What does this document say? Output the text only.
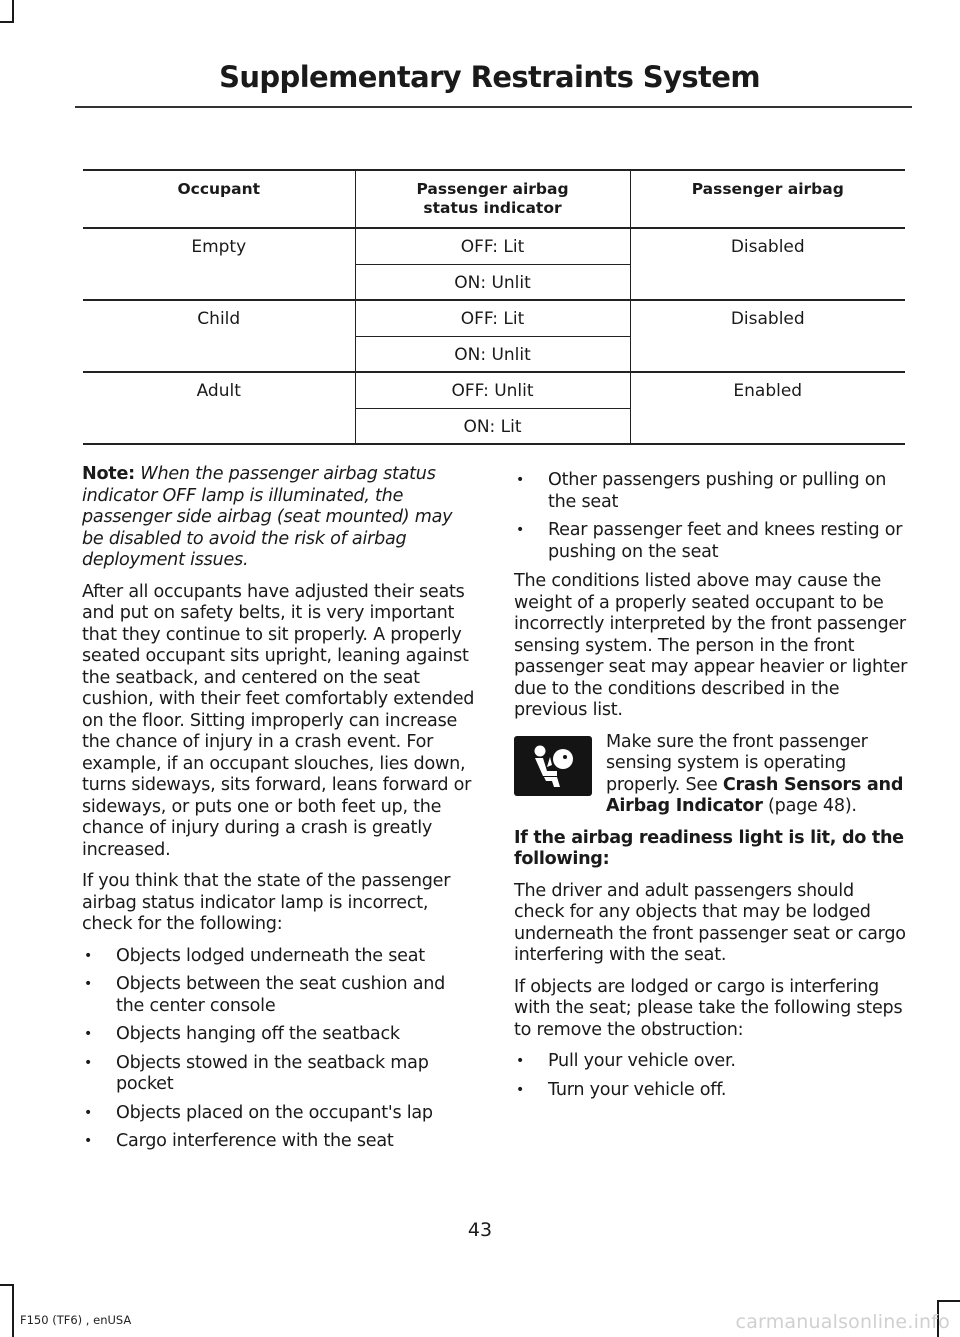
Supplementary Restraints System
Occupant	Passenger airbag status indicator	Passenger airbag
Empty	OFF: Lit	Disabled
	ON: Unlit	
Child	OFF: Lit	Disabled
	ON: Unlit	
Adult	OFF: Unlit	Enabled
	ON: Lit	

Note: When the passenger airbag status indicator OFF lamp is illuminated, the passenger side airbag (seat mounted) may be disabled to avoid the risk of airbag deployment issues.

After all occupants have adjusted their seats and put on safety belts, it is very important that they continue to sit properly. A properly seated occupant sits upright, leaning against the seatback, and centered on the seat cushion, with their feet comfortably extended on the floor. Sitting improperly can increase the chance of injury in a crash event. For example, if an occupant slouches, lies down, turns sideways, sits forward, leans forward or sideways, or puts one or both feet up, the chance of injury during a crash is greatly increased.

If you think that the state of the passenger airbag status indicator lamp is incorrect, check for the following:

• Objects lodged underneath the seat
• Objects between the seat cushion and the center console
• Objects hanging off the seatback
• Objects stowed in the seatback map pocket
• Objects placed on the occupant's lap
• Cargo interference with the seat
• Other passengers pushing or pulling on the seat
• Rear passenger feet and knees resting or pushing on the seat

The conditions listed above may cause the weight of a properly seated occupant to be incorrectly interpreted by the front passenger sensing system. The person in the front passenger seat may appear heavier or lighter due to the conditions described in the previous list.

Make sure the front passenger sensing system is operating properly. See Crash Sensors and Airbag Indicator (page 48).
If the airbag readiness light is lit, do the following:

The driver and adult passengers should check for any objects that may be lodged underneath the front passenger seat or cargo interfering with the seat.

If objects are lodged or cargo is interfering with the seat; please take the following steps to remove the obstruction:

• Pull your vehicle over.
• Turn your vehicle off.
43
F150 (TF6) , enUSA	carmanualsonline.info
